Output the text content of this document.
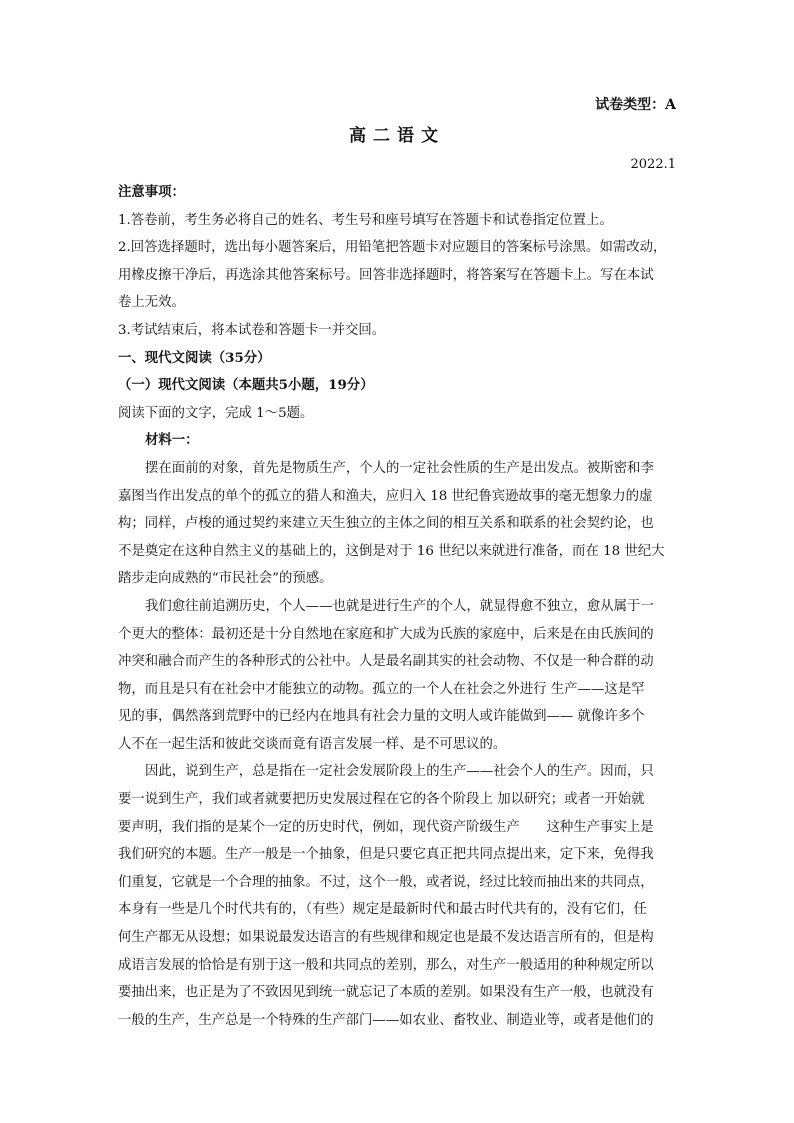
试卷类型：A
高二语文
2022.1
注意事项：
1.答卷前，考生务必将自己的姓名、考生号和座号填写在答题卡和试卷指定位置上。
2.回答选择题时，选出每小题答案后，用铅笔把答题卡对应题目的答案标号涂黑。如需改动，
用橡皮擦干净后，再选涂其他答案标号。回答非选择题时，将答案写在答题卡上。写在本试
卷上无效。
3.考试结束后，将本试卷和答题卡一并交回。
一、现代文阅读（35分）
（一）现代文阅读（本题共5小题，19分）
阅读下面的文字，完成 1～5题。
材料一：
摆在面前的对象，首先是物质生产，个人的一定社会性质的生产是出发点。被斯密和李
嘉图当作出发点的单个的孤立的猎人和渔夫，应归入 18 世纪鲁宾逊故事的毫无想象力的虚
构；同样，卢梭的通过契约来建立天生独立的主体之间的相互关系和联系的社会契约论，也
不是奠定在这种自然主义的基础上的，这倒是对于 16 世纪以来就进行准备，而在 18 世纪大
踏步走向成熟的“市民社会”的预感。
我们愈往前追溯历史，个人——也就是进行生产的个人，就显得愈不独立，愈从属于一
个更大的整体：最初还是十分自然地在家庭和扩大成为氏族的家庭中，后来是在由氏族间的
冲突和融合而产生的各种形式的公社中。人是最名副其实的社会动物、不仅是一种合群的动
物，而且是只有在社会中才能独立的动物。孤立的一个人在社会之外进行 生产——这是罕
见的事，偶然落到荒野中的已经内在地具有社会力量的文明人或许能做到—— 就像许多个
人不在一起生活和彼此交谈而竟有语言发展一样、是不可思议的。
因此，说到生产，总是指在一定社会发展阶段上的生产——社会个人的生产。因而，只
要一说到生产，我们或者就要把历史发展过程在它的各个阶段上 加以研究；或者一开始就
要声明，我们指的是某个一定的历史时代，例如，现代资产阶级生产　　这种生产事实上是
我们研究的本题。生产一般是一个抽象，但是只要它真正把共同点提出来，定下来，免得我
们重复，它就是一个合理的抽象。不过，这个一般，或者说，经过比较而抽出来的共同点，
本身有一些是几个时代共有的，（有些）规定是最新时代和最古时代共有的，没有它们，任
何生产都无从设想；如果说最发达语言的有些规律和规定也是最不发达语言所有的，但是构
成语言发展的恰恰是有别于这一般和共同点的差别，那么，对生产一般适用的种种规定所以
要抽出来，也正是为了不致因见到统一就忘记了本质的差别。如果没有生产一般，也就没有
一般的生产，生产总是一个特殊的生产部门——如农业、畜牧业、制造业等，或者是他们的
